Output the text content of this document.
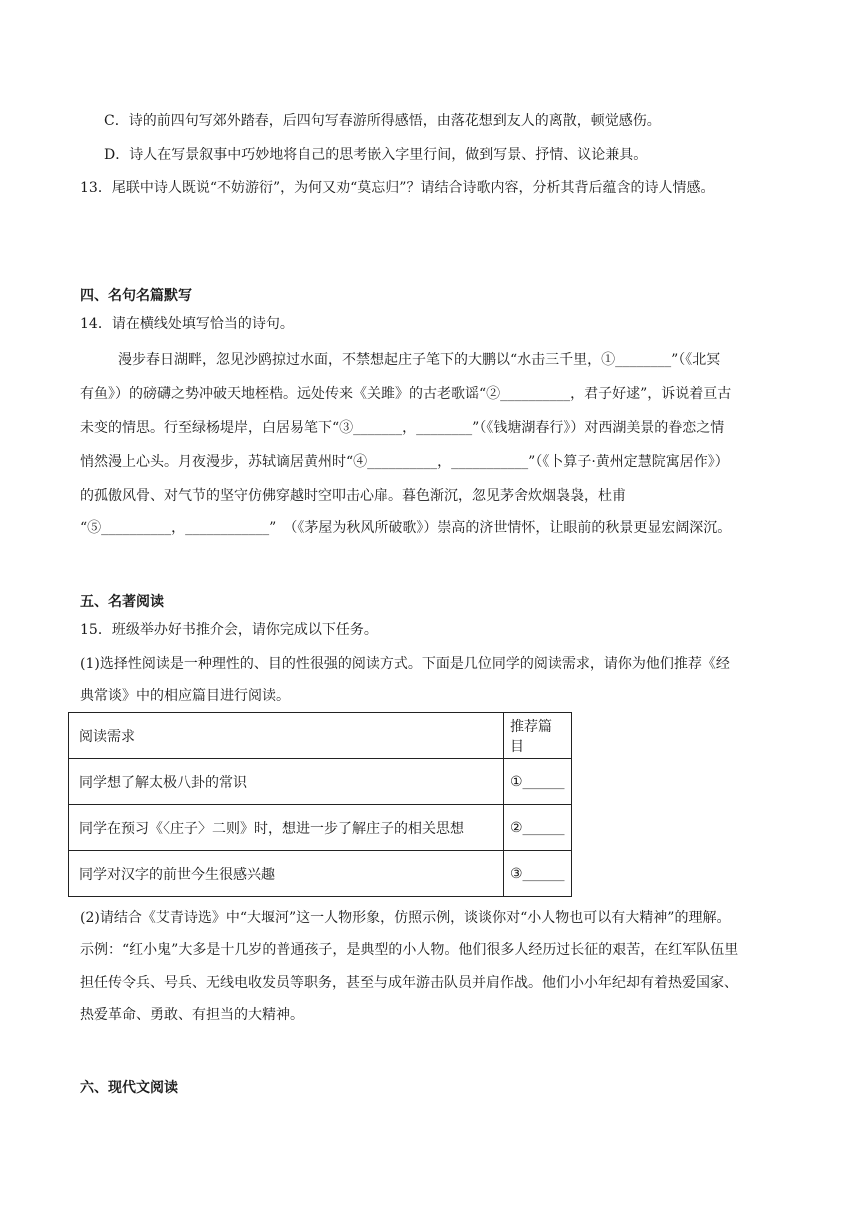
C．诗的前四句写郊外踏春，后四句写春游所得感悟，由落花想到友人的离散，顿觉感伤。
D．诗人在写景叙事中巧妙地将自己的思考嵌入字里行间，做到写景、抒情、议论兼具。
13．尾联中诗人既说“不妨游衍”，为何又劝“莫忘归”？请结合诗歌内容，分析其背后蕴含的诗人情感。
四、名句名篇默写
14．请在横线处填写恰当的诗句。
漫步春日湖畔，忽见沙鸥掠过水面，不禁想起庄子笔下的大鹏以“水击三千里，①________”（《北冥
有鱼》）的磅礴之势冲破天地桎梏。远处传来《关雎》的古老歌谣“②__________，君子好逑”，诉说着亘古
未变的情思。行至绿杨堤岸，白居易笔下“③_______，________”（《钱塘湖春行》）对西湖美景的眷恋之情
悄然漫上心头。月夜漫步，苏轼谪居黄州时“④__________，___________”（《卜算子·黄州定慧院寓居作》）
的孤傲风骨、对气节的坚守仿佛穿越时空叩击心扉。暮色渐沉，忽见茅舍炊烟袅袅，杜甫
“⑤__________，____________”　（《茅屋为秋风所破歌》）崇高的济世情怀，让眼前的秋景更显宏阔深沉。
五、名著阅读
15．班级举办好书推介会，请你完成以下任务。
(1)选择性阅读是一种理性的、目的性很强的阅读方式。下面是几位同学的阅读需求，请你为他们推荐《经
典常谈》中的相应篇目进行阅读。
阅读需求	推荐篇目
同学想了解太极八卦的常识	①______
同学在预习《〈庄子〉二则》时，想进一步了解庄子的相关思想	②______
同学对汉字的前世今生很感兴趣	③______
(2)请结合《艾青诗选》中“大堰河”这一人物形象，仿照示例，谈谈你对“小人物也可以有大精神”的理解。
示例：“红小鬼”大多是十几岁的普通孩子，是典型的小人物。他们很多人经历过长征的艰苦，在红军队伍里
担任传令兵、号兵、无线电收发员等职务，甚至与成年游击队员并肩作战。他们小小年纪却有着热爱国家、
热爱革命、勇敢、有担当的大精神。
六、现代文阅读
